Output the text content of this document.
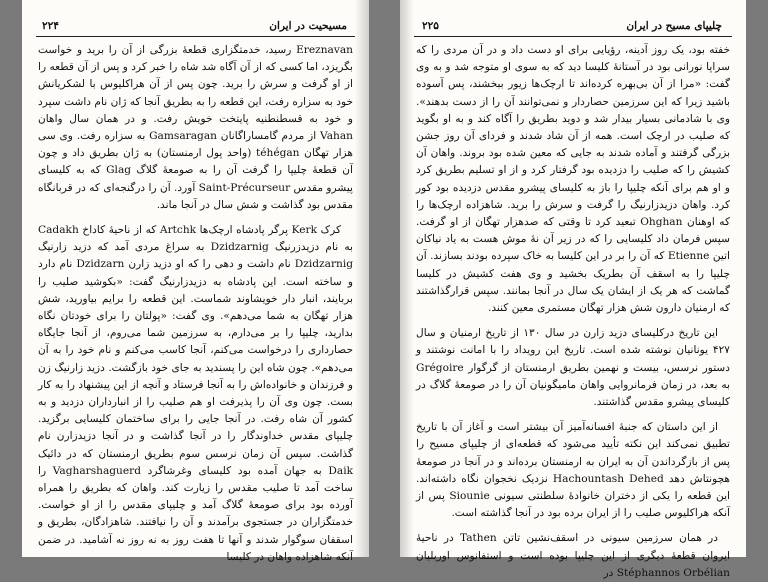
۲۲۴	مسیحیت در ایران

Ereznavan رسید، خدمتگزاری قطعهٔ بزرگی از آن را برید و خواست بگریزد، اما کسی که از آن آگاه شد شاه را خبر کرد و پس از آن قطعه را از او گرفت و سرش را برید. چون پس از آن هراکلیوس با لشکریانش خود به سزاره رفت، این قطعه را به بطریق آنجا که ژان نام داشت سپرد و خود به قسطنطنیه پایتخت خویش رفت. و در همان سال واهان Vahan از مردم گامساراگانان Gamsaragan به سزاره رفت. وی سی هزار تهگان téhégan (واحد پول ارمنستان) به ژان بطریق داد و چون آن قطعهٔ چلیپا را گرفت آن را به صومعهٔ گلاگ Glag که به کلیسای پیشرو مقدس Saint-Précurseur آورد. آن را درگنجه‌ای که در قربانگاه مقدس بود گذاشت و شش سال در آنجا ماند.

کرک Kerk پرگر پادشاه ارچک‌ها Artchk که از ناحیهٔ کاداخ Cadakh به نام دزیدزرنیگ Dzidzarnig به سراغ مردی آمد که دزید زارنیگ Dzidzarnig نام داشت و دهی را که او دزید زارن Dzidzarn نام دارد و ساخته است. این پادشاه به دزیدزارنیگ گفت: «بکوشید صلیب را بربایند، انبار دار خویشاوند شماست. این قطعه را برایم بیاورید، شش هزار تهگان به شما می‌دهم». وی گفت: «پولتان را برای خودتان نگاه بدارید، چلیپا را بر می‌دارم، به سرزمین شما می‌روم، از آنجا جایگاه حصارداری را درخواست می‌کنم، آنجا کاسب می‌کنم و نام خود را به آن می‌دهم». چون شاه این را پسندید به جای خود بازگشت. دزید زارنیگ زن و فرزندان و خانواده‌اش را به آنجا فرستاد و آنچه از این پیشنهاد را به کار بست. چون وی آن را پذیرفت او هم صلیب را از انبارداران دزدید و به کشور آن شاه رفت. در آنجا جایی را برای ساختمان کلیسایی برگزید. چلیپای مقدس خداوندگار را در آنجا گذاشت و در آنجا دزیدزارن نام گذاشت. سپس آن زمان نرسس سوم بطریق ارمنستان که در دائیک Daik به جهان آمده بود کلیسای وغرشاگرد Vagharshaguerd را ساخت آمد تا صلیب مقدس را زیارت کند. واهان که بطریق را همراه آورده بود برای صومعهٔ گلاگ آمد و چلیپای مقدس را از او خواست. خدمتگزاران در جستجوی برآمدند و آن را نیافتند. شاهزادگان، بطریق و اسقفان سوگوار شدند و آنها تا هفت روز به نه روز نه آشامید. در ضمن آنکه شاهزاده واهان در کلیسا

۲۲۵	چلیپای مسیح در ایران

خفته بود، یک روز آدینه، رؤیایی برای او دست داد و در آن مردی را که سراپا نورانی بود در آستانهٔ کلیسا دید که به سوی او متوجه شد و به وی گفت: «مرا از آن بی‌بهره کرده‌اند تا ارچک‌ها زیور ببخشند، پس آسوده باشید زیرا که این سرزمین حصاردار و نمی‌توانند آن را از دست بدهند». وی با شادمانی بسیار بیدار شد و دوید بطریق را آگاه کند و به او بگوید که صلیب در ارچک است. همه از آن شاد شدند و فردای آن روز جشن بزرگی گرفتند و آماده شدند به جایی که معین شده بود بروند. واهان آن کشیش را که صلیب را دزدیده بود گرفتار کرد و از او تسلیم بطریق کرد و او هم برای آنکه چلیپا را باز به کلیسای پیشرو مقدس دزدیده بود کور کرد. واهان دزیدزارنیگ را گرفت و سرش را برید. شاهزاده ارچک‌ها را که اوهنان Ohghan تبعید کرد تا وقتی که صدهزار تهگان از او گرفت. سپس فرمان داد کلیسایی را که در زیر آن نهٔ موش هست به یاد نیاکان اتین Etienne که آن را بر در این کلیسا به خاک سپرده بودند بسازند. آن چلیپا را به اسقف آن بطریک بخشید و وی هفت کشیش در کلیسا گماشت که هر یک از ایشان یک سال در آنجا بمانند. سپس قرارگذاشتند که ارمنیان دارون شش هزار تهگان مستمری معین کنند.

این تاریخ درکلیسای دزید زارن در سال ۱۳۰ از تاریخ ارمنیان و سال ۴۲۷ یونانیان نوشته شده است. تاریخ این رویداد را با امانت نوشتند و دستور نرسس، بیست و نهمین بطریق ارمنستان از گرگوار Grégoire به بعد، در زمان فرمانروایی واهان ماميگونیان آن را در صومعهٔ گلاگ در کلیسای پیشرو مقدس گذاشتند.

از این داستان که جنبهٔ افسانه‌آمیز آن بیشتر است و آغاز آن با تاریخ تطبیق نمی‌کند این نکته تأیید می‌شود که قطعه‌ای از چلیپای مسیح را پس از بازگرداندن آن به ایران به ارمنستان برده‌اند و در آنجا در صومعهٔ هچونتاش دهد Hachountash Dehed نزدیک نخجوان نگاه داشته‌اند. این قطعه را یکی از دختران خانوادهٔ سلطنتی سیونی Siounie پس از آنکه هراکلیوس صلیب را از ایران برده بود در آنجا گذاشته است.

در همان سرزمین سیونی در اسقف‌نشین تاتن Tathen در ناحیهٔ ایروان قطعهٔ دیگری از این چلیپا بوده است و استفانوس اوربلیان Stéphannos Orbélian در
